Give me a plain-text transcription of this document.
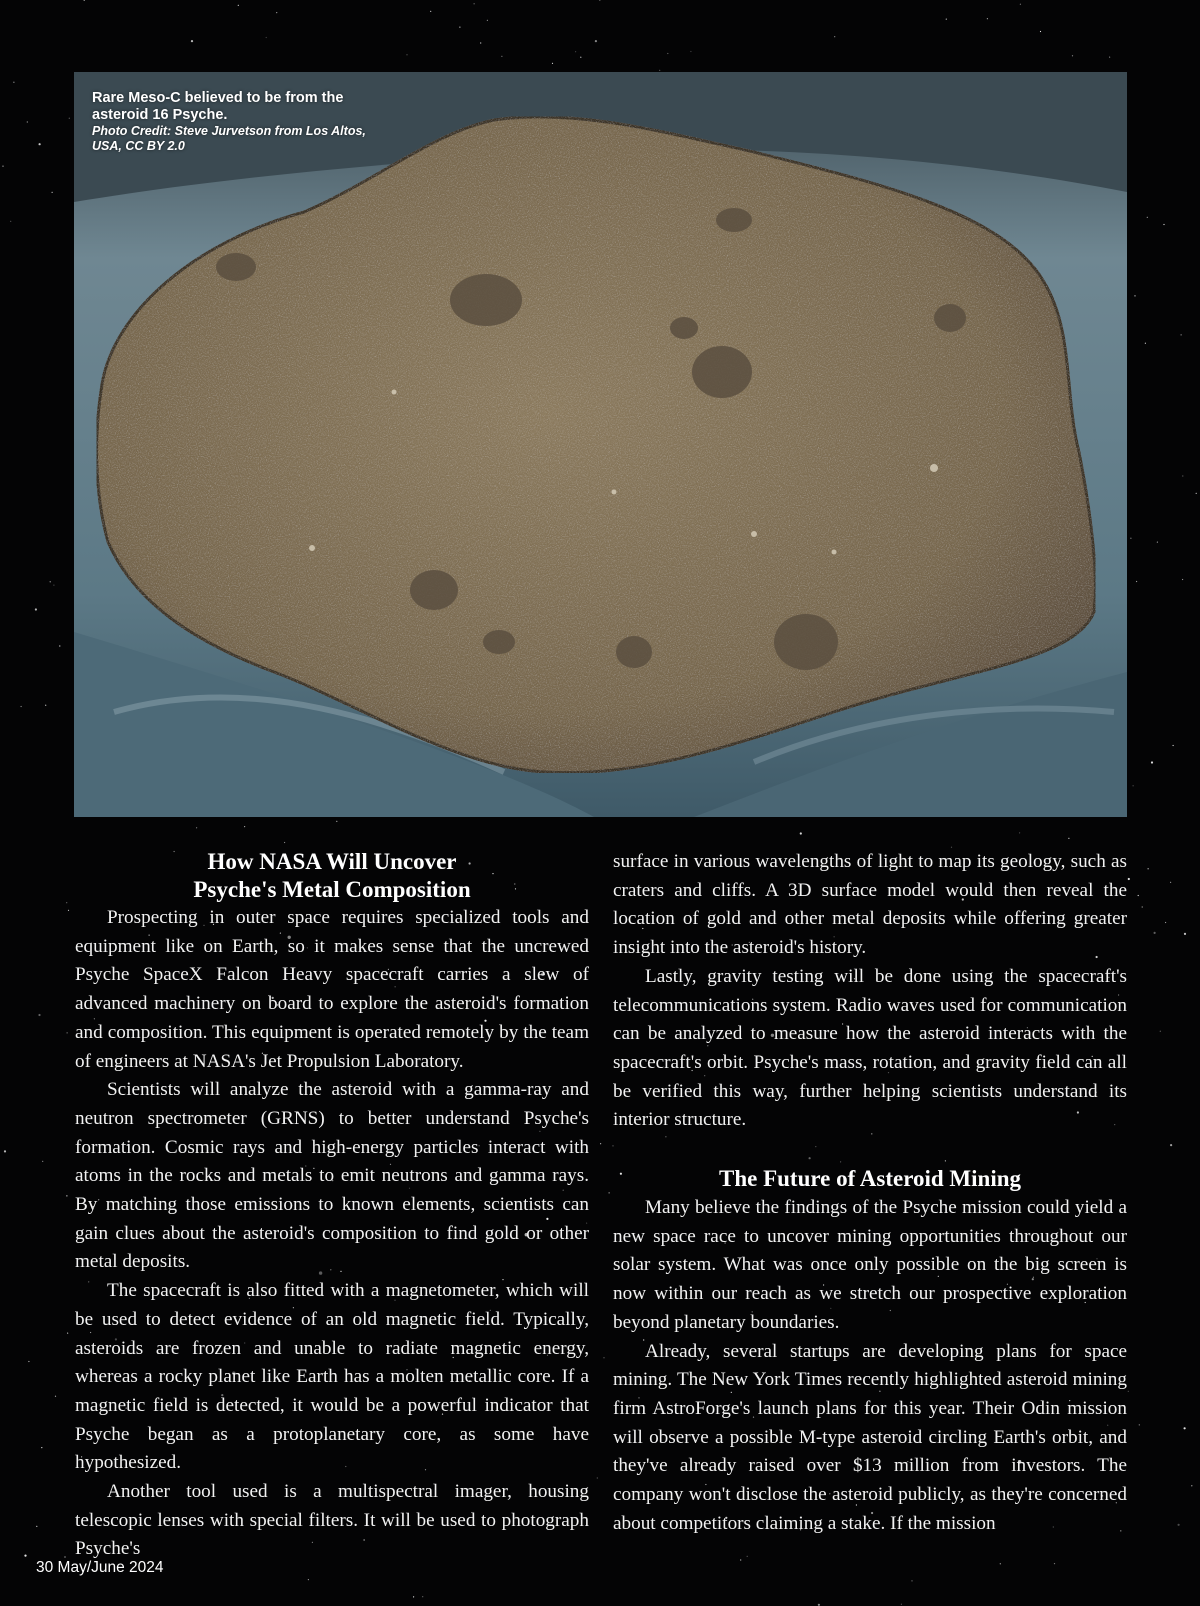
Rare Meso-C believed to be from the asteroid 16 Psyche.
Photo Credit: Steve Jurvetson from Los Altos, USA, CC BY 2.0
How NASA Will Uncover
Psyche's Metal Composition

Prospecting in outer space requires specialized tools and equipment like on Earth, so it makes sense that the uncrewed Psyche SpaceX Falcon Heavy spacecraft carries a slew of advanced machinery on board to explore the asteroid's formation and composition. This equipment is operated remotely by the team of engineers at NASA's Jet Propulsion Laboratory.

Scientists will analyze the asteroid with a gamma-ray and neutron spectrometer (GRNS) to better understand Psyche's formation. Cosmic rays and high-energy particles interact with atoms in the rocks and metals to emit neutrons and gamma rays. By matching those emissions to known elements, scientists can gain clues about the asteroid's composition to find gold or other metal deposits.

The spacecraft is also fitted with a magnetometer, which will be used to detect evidence of an old magnetic field. Typically, asteroids are frozen and unable to radiate magnetic energy, whereas a rocky planet like Earth has a molten metallic core. If a magnetic field is detected, it would be a powerful indicator that Psyche began as a protoplanetary core, as some have hypothesized.

Another tool used is a multispectral imager, housing telescopic lenses with special filters. It will be used to photograph Psyche's

surface in various wavelengths of light to map its geology, such as craters and cliffs. A 3D surface model would then reveal the location of gold and other metal deposits while offering greater insight into the asteroid's history.

Lastly, gravity testing will be done using the spacecraft's telecommunications system. Radio waves used for communication can be analyzed to measure how the asteroid interacts with the spacecraft's orbit. Psyche's mass, rotation, and gravity field can all be verified this way, further helping scientists understand its interior structure.

The Future of Asteroid Mining

Many believe the findings of the Psyche mission could yield a new space race to uncover mining opportunities throughout our solar system. What was once only possible on the big screen is now within our reach as we stretch our prospective exploration beyond planetary boundaries.

Already, several startups are developing plans for space mining. The New York Times recently highlighted asteroid mining firm AstroForge's launch plans for this year. Their Odin mission will observe a possible M-type asteroid circling Earth's orbit, and they've already raised over $13 million from investors. The company won't disclose the asteroid publicly, as they're concerned about competitors claiming a stake. If the mission

30 May/June 2024
